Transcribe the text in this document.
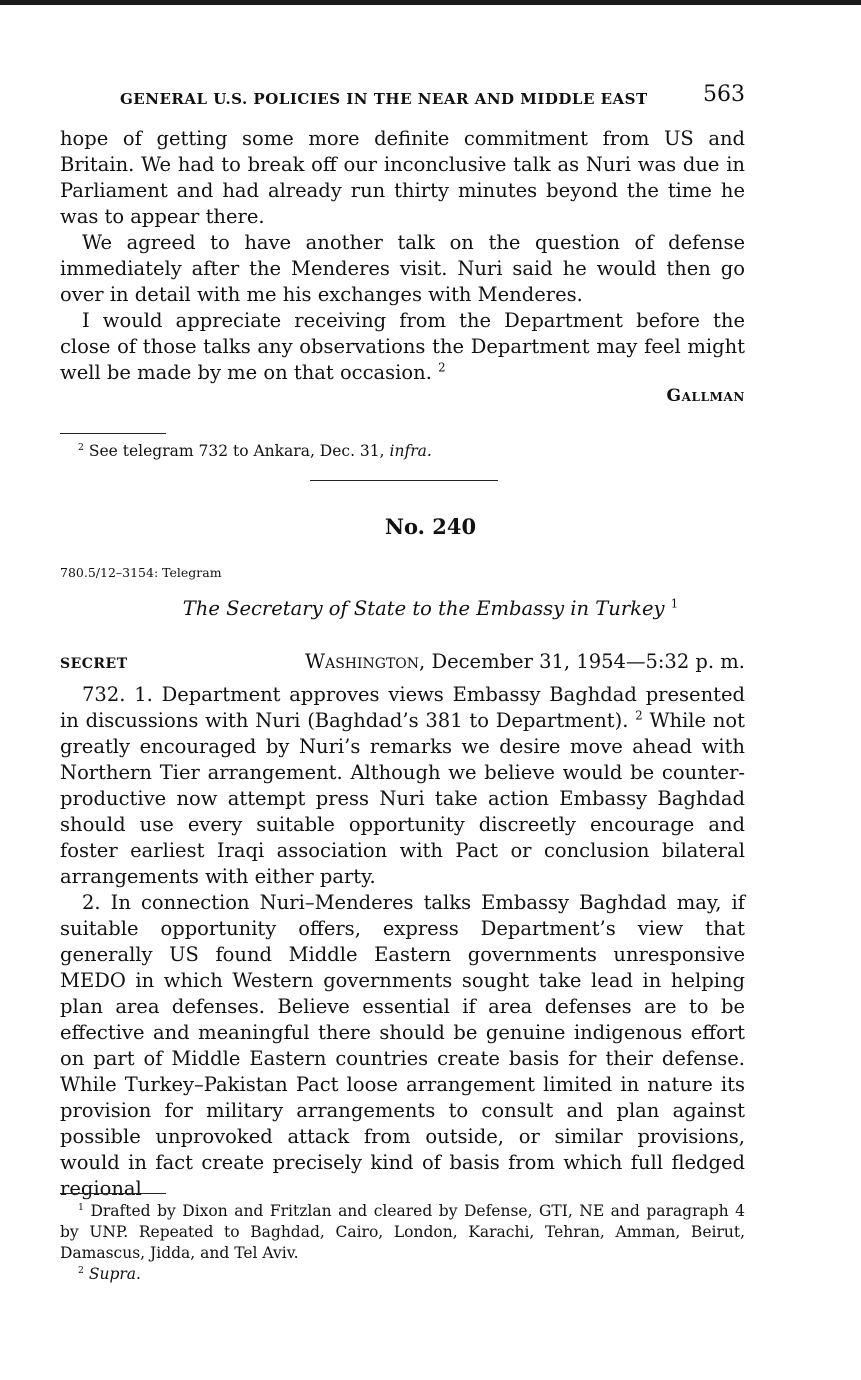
GENERAL U.S. POLICIES IN THE NEAR AND MIDDLE EAST	563

hope of getting some more definite commitment from US and Britain. We had to break off our inconclusive talk as Nuri was due in Parliament and had already run thirty minutes beyond the time he was to appear there.

We agreed to have another talk on the question of defense immediately after the Menderes visit. Nuri said he would then go over in detail with me his exchanges with Menderes.

I would appreciate receiving from the Department before the close of those talks any observations the Department may feel might well be made by me on that occasion. $^2$

Gallman

$^2$ See telegram 732 to Ankara, Dec. 31, infra.

No. 240
780.5/12–3154: Telegram
The Secretary of State to the Embassy in Turkey $^1$
SECRET	Washington, December 31, 1954—5:32 p. m.

732. 1. Department approves views Embassy Baghdad presented in discussions with Nuri (Baghdad’s 381 to Department). $^2$ While not greatly encouraged by Nuri’s remarks we desire move ahead with Northern Tier arrangement. Although we believe would be counter-productive now attempt press Nuri take action Embassy Baghdad should use every suitable opportunity discreetly encourage and foster earliest Iraqi association with Pact or conclusion bilateral arrangements with either party.

2. In connection Nuri–Menderes talks Embassy Baghdad may, if suitable opportunity offers, express Department’s view that generally US found Middle Eastern governments unresponsive MEDO in which Western governments sought take lead in helping plan area defenses. Believe essential if area defenses are to be effective and meaningful there should be genuine indigenous effort on part of Middle Eastern countries create basis for their defense. While Turkey–Pakistan Pact loose arrangement limited in nature its provision for military arrangements to consult and plan against possible unprovoked attack from outside, or similar provisions, would in fact create precisely kind of basis from which full fledged regional

$^1$ Drafted by Dixon and Fritzlan and cleared by Defense, GTI, NE and paragraph 4 by UNP. Repeated to Baghdad, Cairo, London, Karachi, Tehran, Amman, Beirut, Damascus, Jidda, and Tel Aviv.

$^2$ Supra.
